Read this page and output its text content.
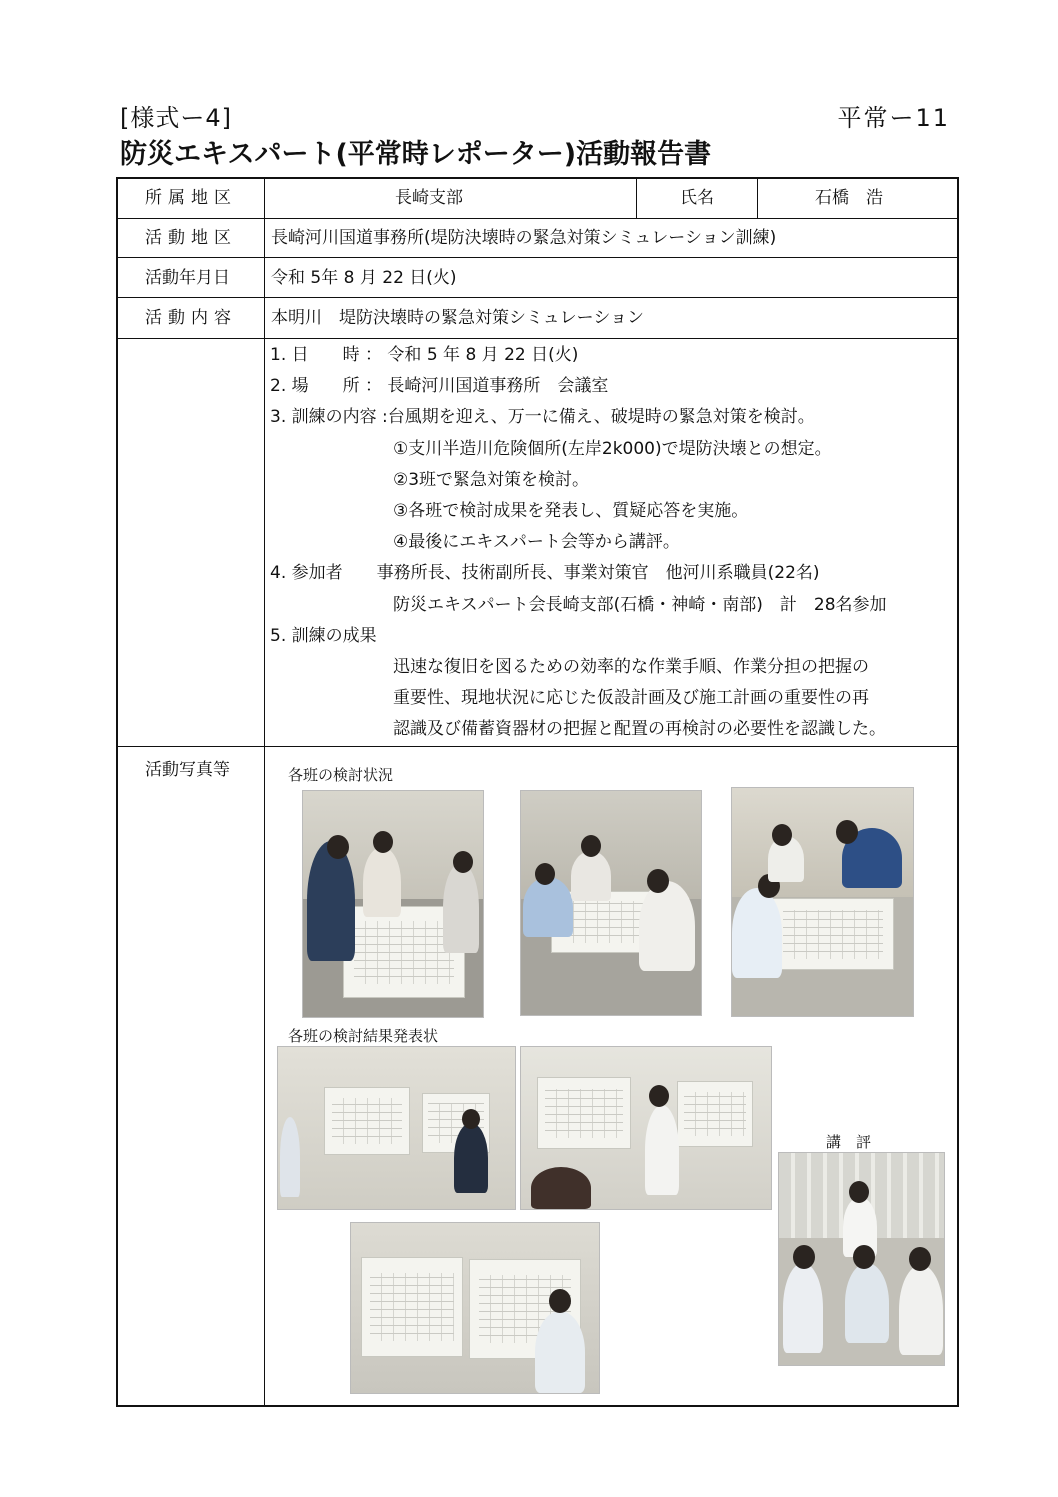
[様式ー4]	平常ー11
防災エキスパート(平常時レポーター)活動報告書
所属地区	長崎支部	氏名	石橋　浩
活動地区 長崎河川国道事務所(堤防決壊時の緊急対策シミュレーション訓練)
活動年月日 令和 5年 8 月 22 日(火)
活動内容 本明川　堤防決壊時の緊急対策シミュレーション
1. 日　　時 ： 令和 5 年 8 月 22 日(火)
2. 場　　所 ： 長崎河川国道事務所　会議室
3. 訓練の内容 :台風期を迎え、万一に備え、破堤時の緊急対策を検討。
①支川半造川危険個所(左岸2k000)で堤防決壊との想定。
②3班で緊急対策を検討。
③各班で検討成果を発表し、質疑応答を実施。
④最後にエキスパート会等から講評。
4. 参加者　　事務所長、技術副所長、事業対策官　他河川系職員(22名)
防災エキスパート会長崎支部(石橋・神崎・南部)　計　28名参加
5. 訓練の成果
迅速な復旧を図るための効率的な作業手順、作業分担の把握の
重要性、現地状況に応じた仮設計画及び施工計画の重要性の再
認識及び備蓄資器材の把握と配置の再検討の必要性を認識した。
活動写真等	各班の検討状況
各班の検討結果発表状
講　評
